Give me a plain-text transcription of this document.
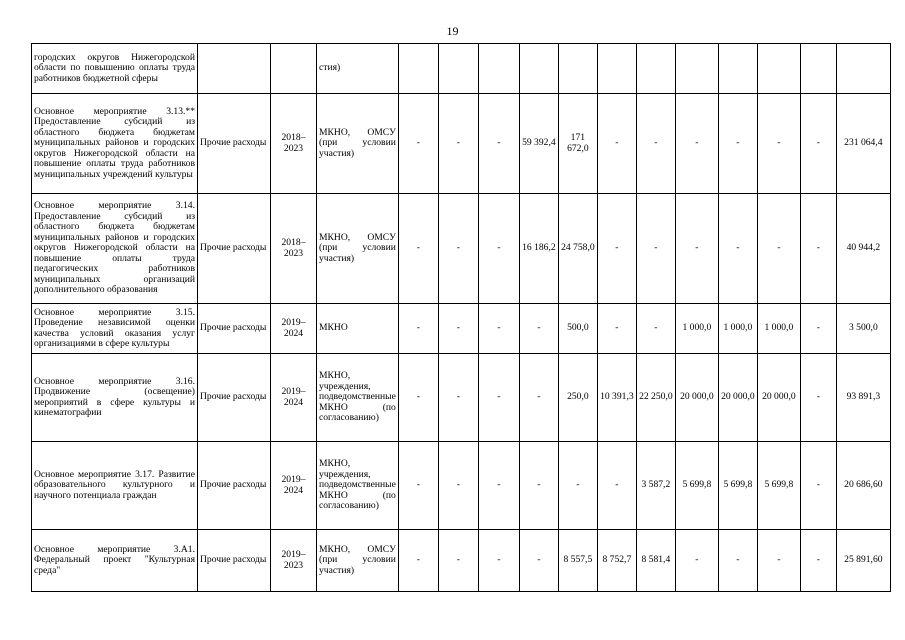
19
городских округов Нижегородской области по повышению оплаты труда работников бюджетной сферы			стия)												
Основное мероприятие 3.13.** Предоставление субсидий из областного бюджета бюджетам муниципальных районов и городских округов Нижегородской области на повышение оплаты труда работников муниципальных учреждений культуры	Прочие расходы	2018–2023	МКНО, ОМСУ (при условии участия)	-	-	-	59 392,4	171 672,0	-	-	-	-	-	-	231 064,4
Основное мероприятие 3.14. Предоставление субсидий из областного бюджета бюджетам муниципальных районов и городских округов Нижегородской области на повышение оплаты труда педагогических работников муниципальных организаций дополнительного образования	Прочие расходы	2018–2023	МКНО, ОМСУ (при условии участия)	-	-	-	16 186,2	24 758,0	-	-	-	-	-	-	40 944,2
Основное мероприятие 3.15. Проведение независимой оценки качества условий оказания услуг организациями в сфере культуры	Прочие расходы	2019–2024	МКНО	-	-	-	-	500,0	-	-	1 000,0	1 000,0	1 000,0	-	3 500,0
Основное мероприятие 3.16. Продвижение (освещение) мероприятий в сфере культуры и кинематографии	Прочие расходы	2019–2024	МКНО, учреждения, подведомственные МКНО (по согласованию)	-	-	-	-	250,0	10 391,3	22 250,0	20 000,0	20 000,0	20 000,0	-	93 891,3
Основное мероприятие 3.17. Развитие образовательного культурного и научного потенциала граждан	Прочие расходы	2019–2024	МКНО, учреждения, подведомственные МКНО (по согласованию)	-	-	-	-	-	-	3 587,2	5 699,8	5 699,8	5 699,8	-	20 686,60
Основное мероприятие 3.А1. Федеральный проект "Культурная среда"	Прочие расходы	2019–2023	МКНО, ОМСУ (при условии участия)	-	-	-	-	8 557,5	8 752,7	8 581,4	-	-	-	-	25 891,60
